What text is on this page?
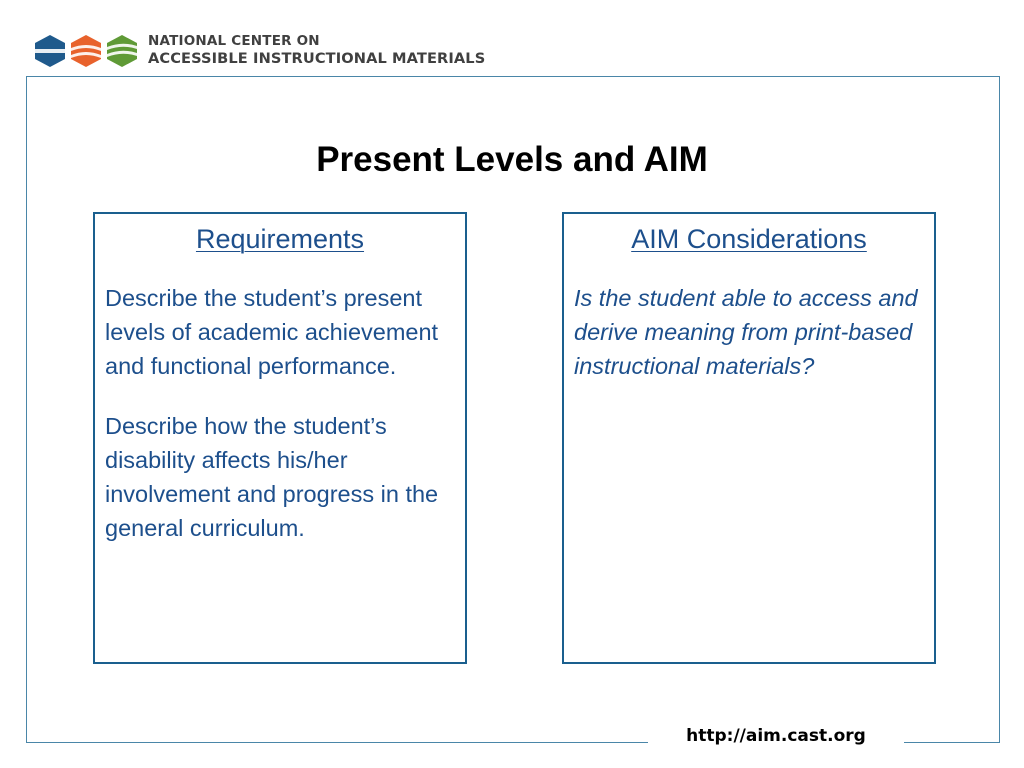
NATIONAL CENTER ON
ACCESSIBLE INSTRUCTIONAL MATERIALS
Present Levels and AIM
Requirements

Describe the student’s present levels of academic achievement and functional performance.

Describe how the student’s disability affects his/her involvement and progress in the general curriculum.

AIM Considerations

Is the student able to access and derive meaning from print-based instructional materials?

http://aim.cast.org
